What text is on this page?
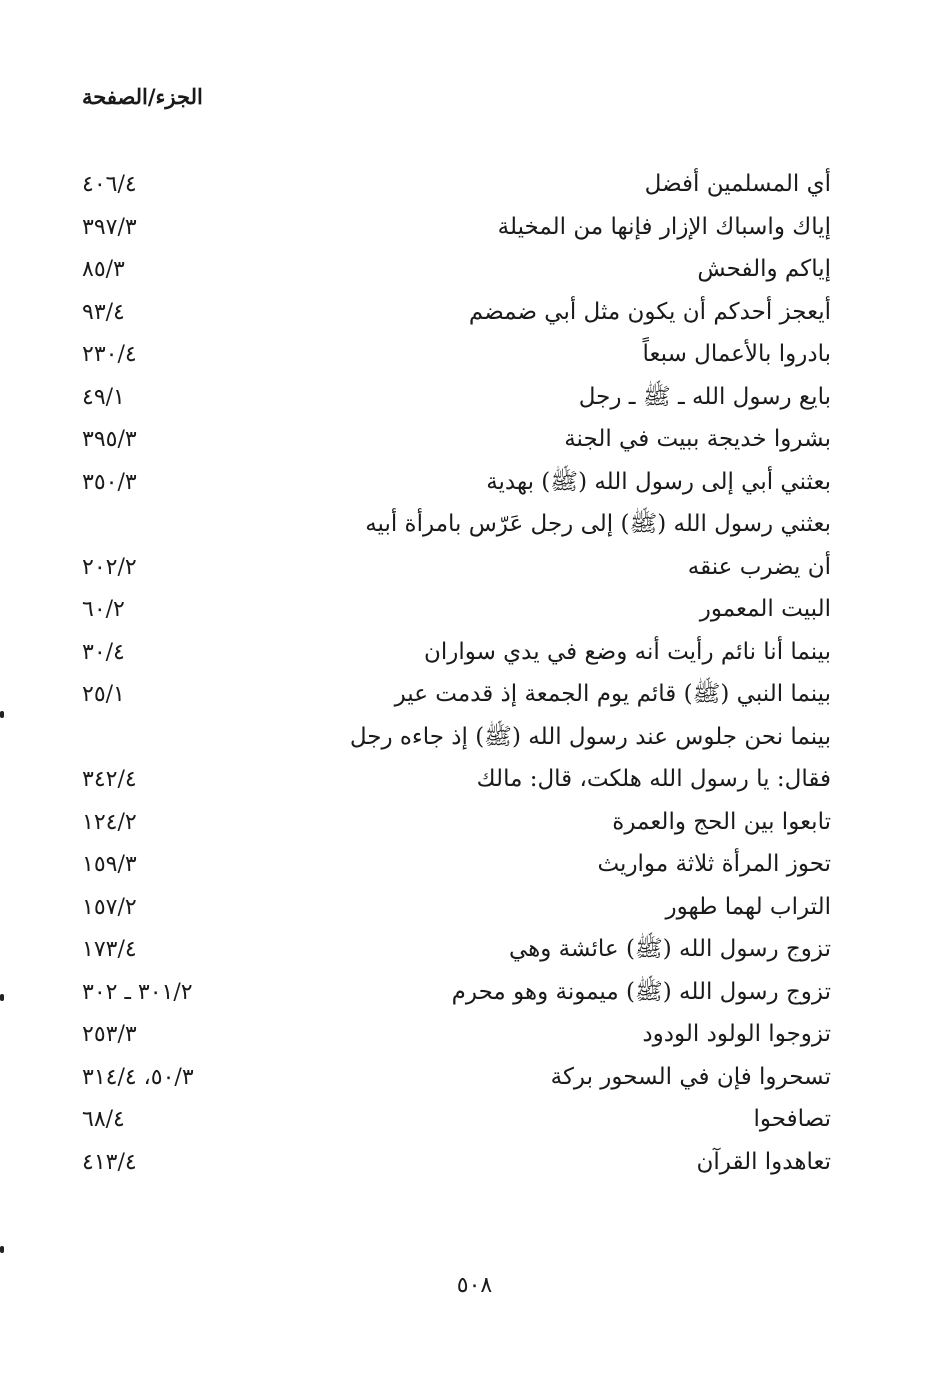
الجزء/الصفحة
أي المسلمين أفضل
٤٠٦/٤
إياك واسباك الإزار فإنها من المخيلة
٣٩٧/٣
إياكم والفحش
٨٥/٣
أيعجز أحدكم أن يكون مثل أبي ضمضم
٩٣/٤
بادروا بالأعمال سبعاً
٢٣٠/٤
بايع رسول الله ـ ﷺ ـ رجل
٤٩/١
بشروا خديجة ببيت في الجنة
٣٩٥/٣
بعثني أبي إلى رسول الله (ﷺ) بهدية
٣٥٠/٣
بعثني رسول الله (ﷺ) إلى رجل عَرّس بامرأة أبيه
أن يضرب عنقه
٢٠٢/٢
البيت المعمور
٦٠/٢
بينما أنا نائم رأيت أنه وضع في يدي سواران
٣٠/٤
بينما النبي (ﷺ) قائم يوم الجمعة إذ قدمت عير
٢٥/١
بينما نحن جلوس عند رسول الله (ﷺ) إذ جاءه رجل
فقال: يا رسول الله هلكت، قال: مالك
٣٤٢/٤
تابعوا بين الحج والعمرة
١٢٤/٢
تحوز المرأة ثلاثة مواريث
١٥٩/٣
التراب لهما طهور
١٥٧/٢
تزوج رسول الله (ﷺ) عائشة وهي
١٧٣/٤
تزوج رسول الله (ﷺ) ميمونة وهو محرم
٣٠١/٢ ـ ٣٠٢
تزوجوا الولود الودود
٢٥٣/٣
تسحروا فإن في السحور بركة
٥٠/٣، ٣١٤/٤
تصافحوا
٦٨/٤
تعاهدوا القرآن
٤١٣/٤
٥٠٨
